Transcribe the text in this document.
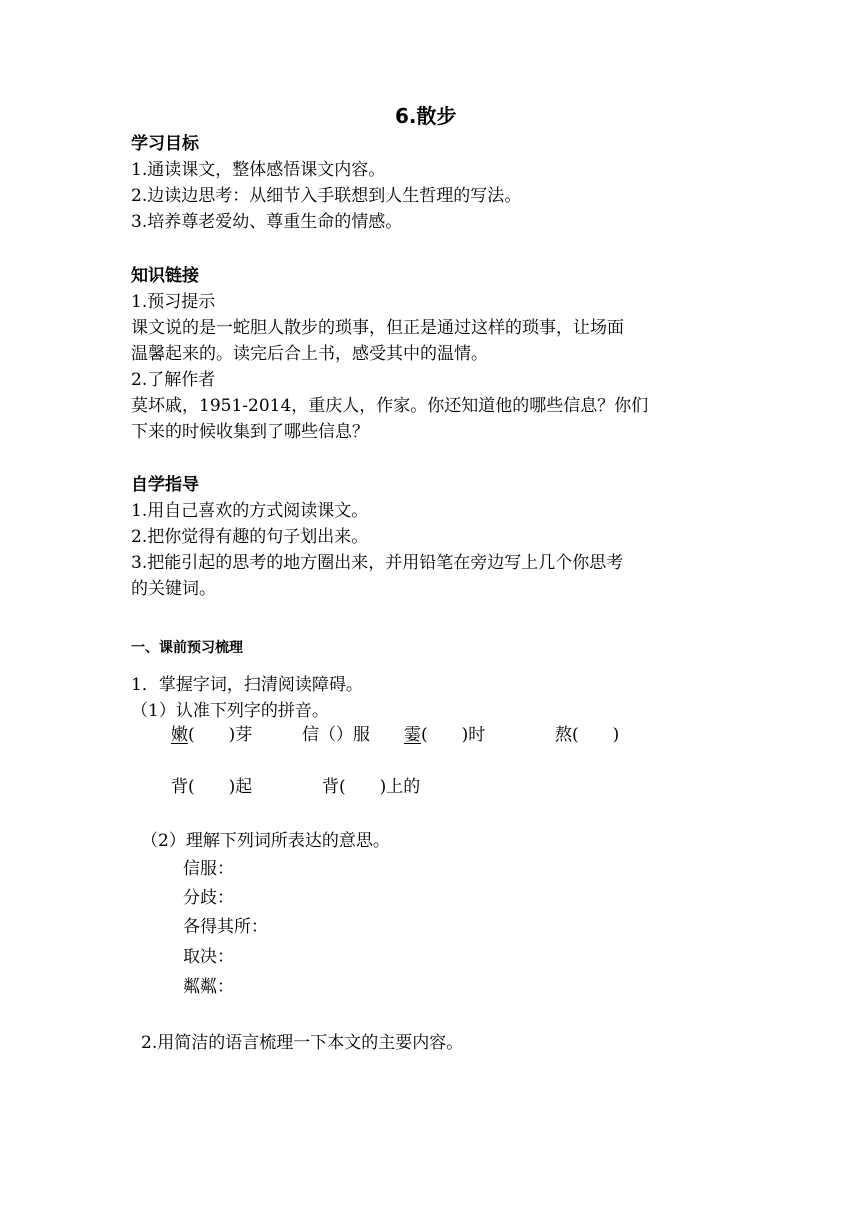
6.散步
学习目标
1.通读课文，整体感悟课文内容。
2.边读边思考：从细节入手联想到人生哲理的写法。
3.培养尊老爱幼、尊重生命的情感。
知识链接
1.预习提示
课文说的是一蛇胆人散步的琐事，但正是通过这样的琐事，让场面
温馨起来的。读完后合上书，感受其中的温情。
2.了解作者
莫坏戚，1951-2014，重庆人，作家。你还知道他的哪些信息？你们
下来的时候收集到了哪些信息？
自学指导
1.用自己喜欢的方式阅读课文。
2.把你觉得有趣的句子划出来。
3.把能引起的思考的地方圈出来，并用铅笔在旁边写上几个你思考
的关键词。
一、课前预习梳理
1．掌握字词，扫清阅读障碍。
（1）认准下列字的拼音。
嫩(　　)芽	信（）服 霎(　　)时	熬(　　)
背(　　)起	背(　　)上的
（2）理解下列词所表达的意思。
信服：
分歧：
各得其所：
取决：
粼粼：
2.用简洁的语言梳理一下本文的主要内容。
